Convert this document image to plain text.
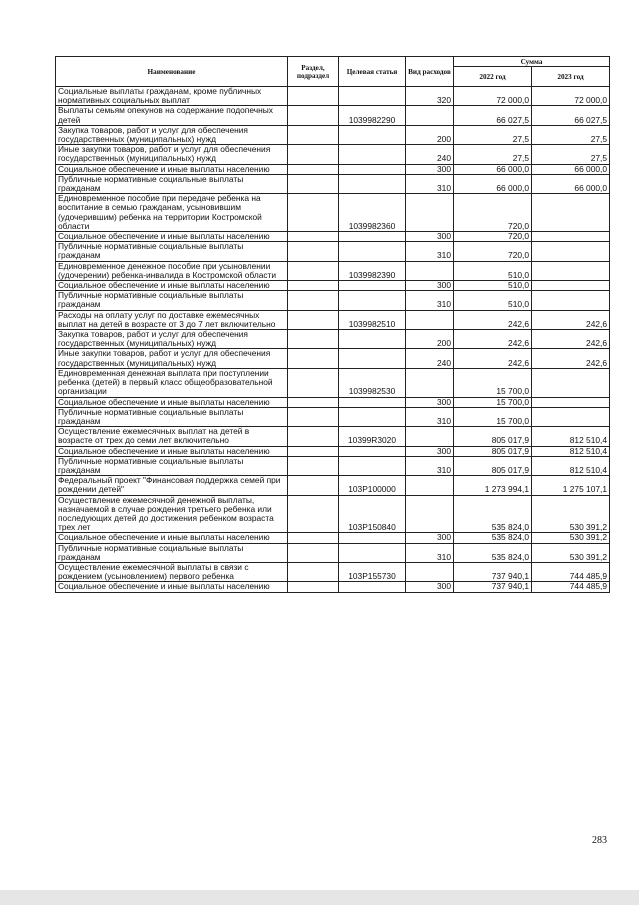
Наименование	Раздел, подраздел	Целевая статья	Вид расходов	Сумма	
				2022 год	2023 год
Социальные выплаты гражданам, кроме публичных нормативных социальных выплат			320	72 000,0	72 000,0
Выплаты семьям опекунов на содержание подопечных детей		1039982290		66 027,5	66 027,5
Закупка товаров, работ и услуг для обеспечения государственных (муниципальных) нужд			200	27,5	27,5
Иные закупки товаров, работ и услуг для обеспечения государственных (муниципальных) нужд			240	27,5	27,5
Социальное обеспечение и иные выплаты населению			300	66 000,0	66 000,0
Публичные нормативные социальные выплаты гражданам			310	66 000,0	66 000,0
Единовременное пособие при передаче ребенка на воспитание в семью гражданам, усыновившим (удочерившим) ребенка на территории Костромской области		1039982360		720,0	
Социальное обеспечение и иные выплаты населению			300	720,0	
Публичные нормативные социальные выплаты гражданам			310	720,0	
Единовременное денежное пособие при усыновлении (удочерении) ребенка-инвалида в Костромской области		1039982390		510,0	
Социальное обеспечение и иные выплаты населению			300	510,0	
Публичные нормативные социальные выплаты гражданам			310	510,0	
Расходы на оплату услуг по доставке ежемесячных выплат на детей в возрасте от 3 до 7 лет включительно		1039982510		242,6	242,6
Закупка товаров, работ и услуг для обеспечения государственных (муниципальных) нужд			200	242,6	242,6
Иные закупки товаров, работ и услуг для обеспечения государственных (муниципальных) нужд			240	242,6	242,6
Единовременная денежная выплата при поступлении ребенка (детей) в первый класс общеобразовательной организации		1039982530		15 700,0	
Социальное обеспечение и иные выплаты населению			300	15 700,0	
Публичные нормативные социальные выплаты гражданам			310	15 700,0	
Осуществление ежемесячных выплат на детей в возрасте от трех до семи лет включительно		10399R3020		805 017,9	812 510,4
Социальное обеспечение и иные выплаты населению			300	805 017,9	812 510,4
Публичные нормативные социальные выплаты гражданам			310	805 017,9	812 510,4
Федеральный проект "Финансовая поддержка семей при рождении детей"		103P100000		1 273 994,1	1 275 107,1
Осуществление ежемесячной денежной выплаты, назначаемой в случае рождения третьего ребенка или последующих детей до достижения ребенком возраста трех лет		103P150840		535 824,0	530 391,2
Социальное обеспечение и иные выплаты населению			300	535 824,0	530 391,2
Публичные нормативные социальные выплаты гражданам			310	535 824,0	530 391,2
Осуществление ежемесячной выплаты в связи с рождением (усыновлением) первого ребенка		103P155730		737 940,1	744 485,9
Социальное обеспечение и иные выплаты населению			300	737 940,1	744 485,9
283
